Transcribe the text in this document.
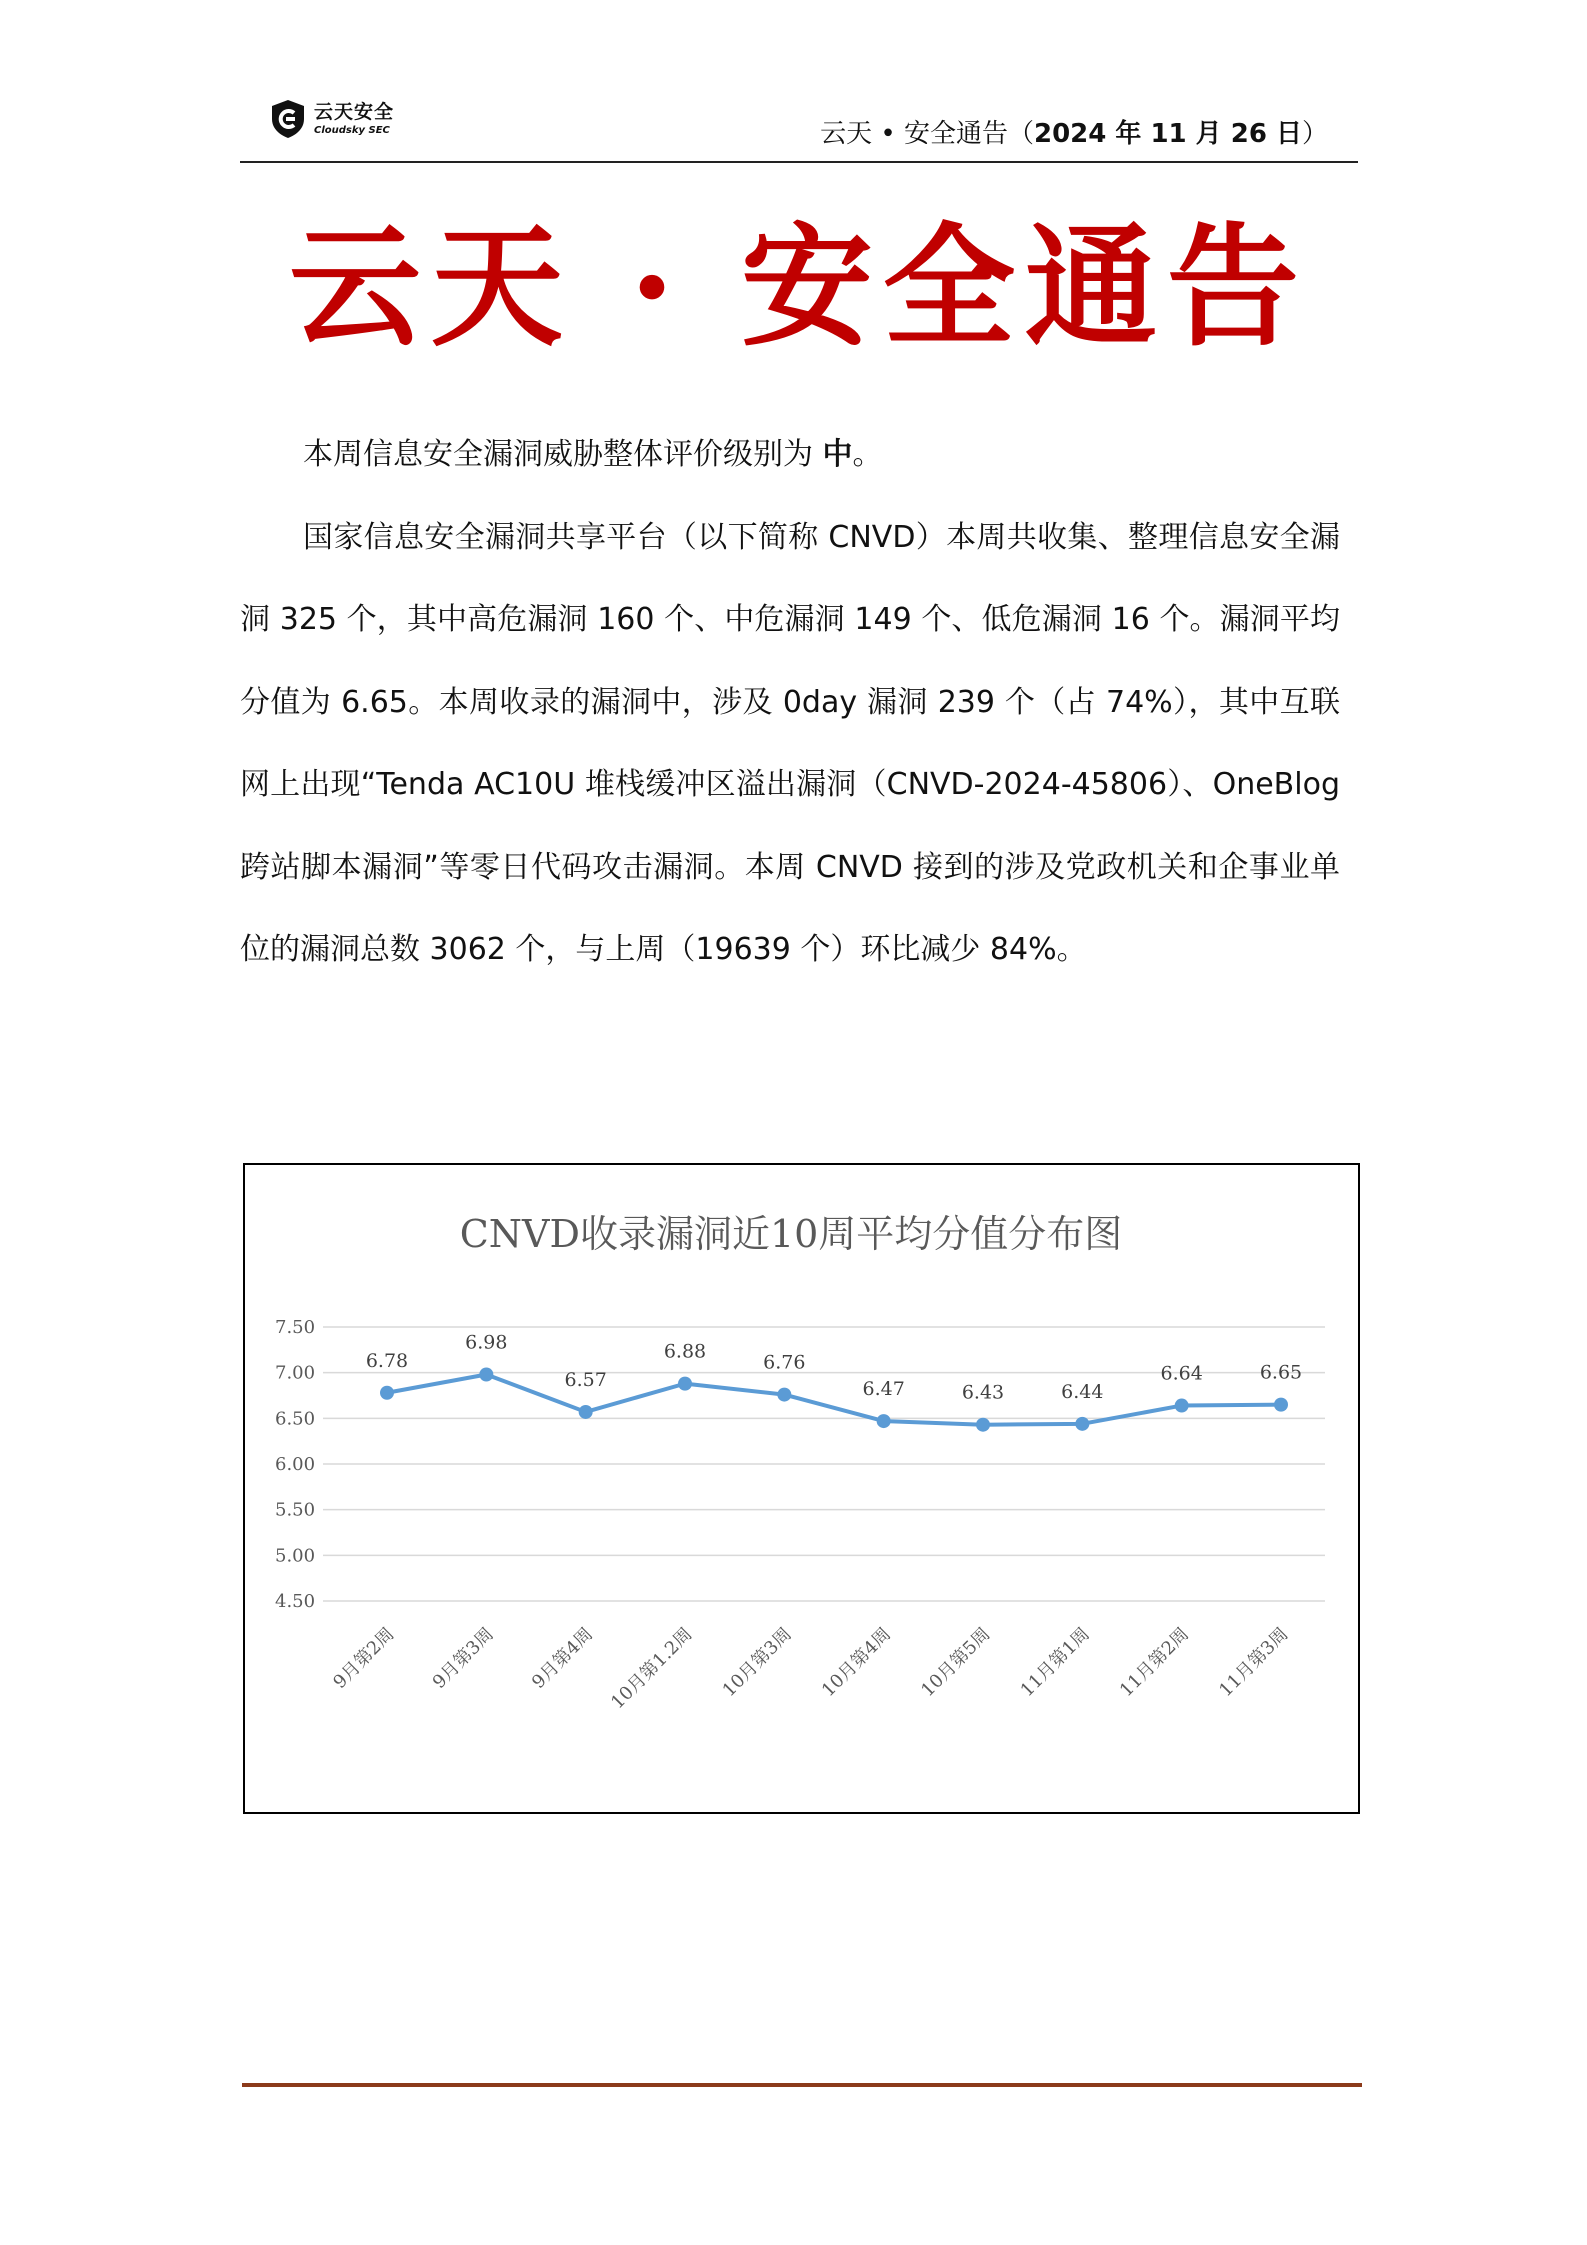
云天安全
Cloudsky SEC	云天 • 安全通告（2024 年 11 月 26 日）
云天 · 安全通告

本周信息安全漏洞威胁整体评价级别为 中。

国家信息安全漏洞共享平台（以下简称 CNVD）本周共收集、整理信息安全漏洞 325 个，其中高危漏洞 160 个、中危漏洞 149 个、低危漏洞 16 个。漏洞平均分值为 6.65。本周收录的漏洞中，涉及 0day 漏洞 239 个（占 74%），其中互联网上出现“Tenda AC10U 堆栈缓冲区溢出漏洞（CNVD-2024-45806）、OneBlog 跨站脚本漏洞”等零日代码攻击漏洞。本周 CNVD 接到的涉及党政机关和企事业单位的漏洞总数 3062 个，与上周（19639 个）环比减少 84%。

CNVD收录漏洞近10周平均分值分布图
7.50
7.00
6.50
6.00
5.50
5.00
4.50
6.78
6.98
6.57
6.88	6.76
6.47	6.43	6.44
6.64	6.65
9月第2周 9月第3周 9月第4周 10月第1.2周 10月第3周 10月第4周 10月第5周 11月第1周 11月第2周 11月第3周
